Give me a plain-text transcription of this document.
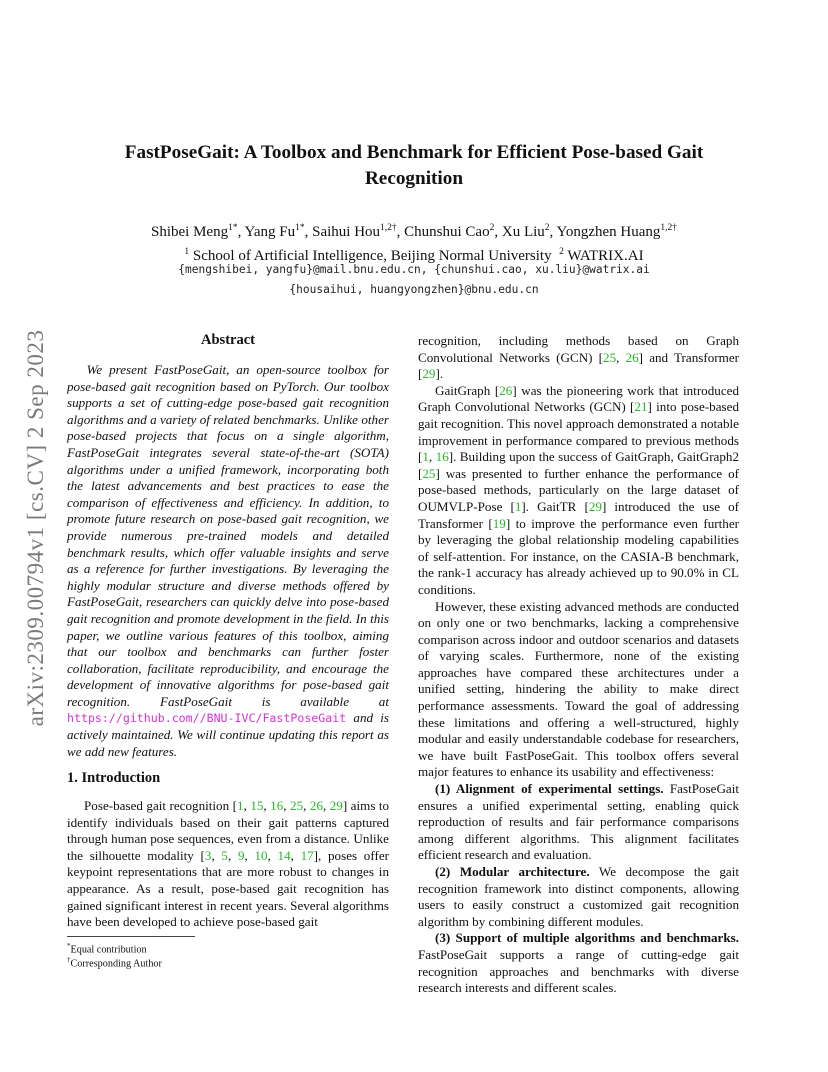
arXiv:2309.00794v1 [cs.CV] 2 Sep 2023
FastPoseGait: A Toolbox and Benchmark for Efficient Pose-based Gait
Recognition
Shibei Meng$^{1*}$, Yang $Fu^{1*}$, Saihui Hou$^{1,2\dagger}$, Chunshui Cao$^2$, Xu Liu$^2$, Yongzhen Huang$^{1,2\dagger}$
$^1$ School of Artificial Intelligence, Beijing Normal University $^2$ WATRIX.AI
{mengshibei, yangfu}@mail.bnu.edu.cn, {chunshui.cao, xu.liu}@watrix.ai
{housaihui, huangyongzhen}@bnu.edu.cn
Abstract
We present FastPoseGait, an open-source toolbox for pose-based gait recognition based on PyTorch. Our toolbox supports a set of cutting-edge pose-based gait recognition algorithms and a variety of related benchmarks. Unlike other pose-based projects that focus on a single algorithm, FastPoseGait integrates several state-of-the-art (SOTA) algorithms under a unified framework, incorporating both the latest advancements and best practices to ease the comparison of effectiveness and efficiency. In addition, to promote future research on pose-based gait recognition, we provide numerous pre-trained models and detailed benchmark results, which offer valuable insights and serve as a reference for further investigations. By leveraging the highly modular structure and diverse methods offered by FastPoseGait, researchers can quickly delve into pose-based gait recognition and promote development in the field. In this paper, we outline various features of this toolbox, aiming that our toolbox and benchmarks can further foster collaboration, facilitate reproducibility, and encourage the development of innovative algorithms for pose-based gait recognition. FastPoseGait is available at https://github.com//BNU-IVC/FastPoseGait and is actively maintained. We will continue updating this report as we add new features.
1. Introduction

Pose-based gait recognition [1, 15, 16, 25, 26, 29] aims to identify individuals based on their gait patterns captured through human pose sequences, even from a distance. Unlike the silhouette modality [3, 5, 9, 10, 14, 17], poses offer keypoint representations that are more robust to changes in appearance. As a result, pose-based gait recognition has gained significant interest in recent years. Several algorithms have been developed to achieve pose-based gait

*Equal contribution
†Corresponding Author

recognition, including methods based on Graph Convolutional Networks (GCN) [25, 26] and Transformer [29].

GaitGraph [26] was the pioneering work that introduced Graph Convolutional Networks (GCN) [21] into pose-based gait recognition. This novel approach demonstrated a notable improvement in performance compared to previous methods [1, 16]. Building upon the success of GaitGraph, GaitGraph2 [25] was presented to further enhance the performance of pose-based methods, particularly on the large dataset of OUMVLP-Pose [1]. GaitTR [29] introduced the use of Transformer [19] to improve the performance even further by leveraging the global relationship modeling capabilities of self-attention. For instance, on the CASIA-B benchmark, the rank-1 accuracy has already achieved up to 90.0% in CL conditions.

However, these existing advanced methods are conducted on only one or two benchmarks, lacking a comprehensive comparison across indoor and outdoor scenarios and datasets of varying scales. Furthermore, none of the existing approaches have compared these architectures under a unified setting, hindering the ability to make direct performance assessments. Toward the goal of addressing these limitations and offering a well-structured, highly modular and easily understandable codebase for researchers, we have built FastPoseGait. This toolbox offers several major features to enhance its usability and effectiveness:

(1) Alignment of experimental settings. FastPoseGait ensures a unified experimental setting, enabling quick reproduction of results and fair performance comparisons among different algorithms. This alignment facilitates efficient research and evaluation.

(2) Modular architecture. We decompose the gait recognition framework into distinct components, allowing users to easily construct a customized gait recognition algorithm by combining different modules.

(3) Support of multiple algorithms and benchmarks. FastPoseGait supports a range of cutting-edge gait recognition approaches and benchmarks with diverse research interests and different scales.
